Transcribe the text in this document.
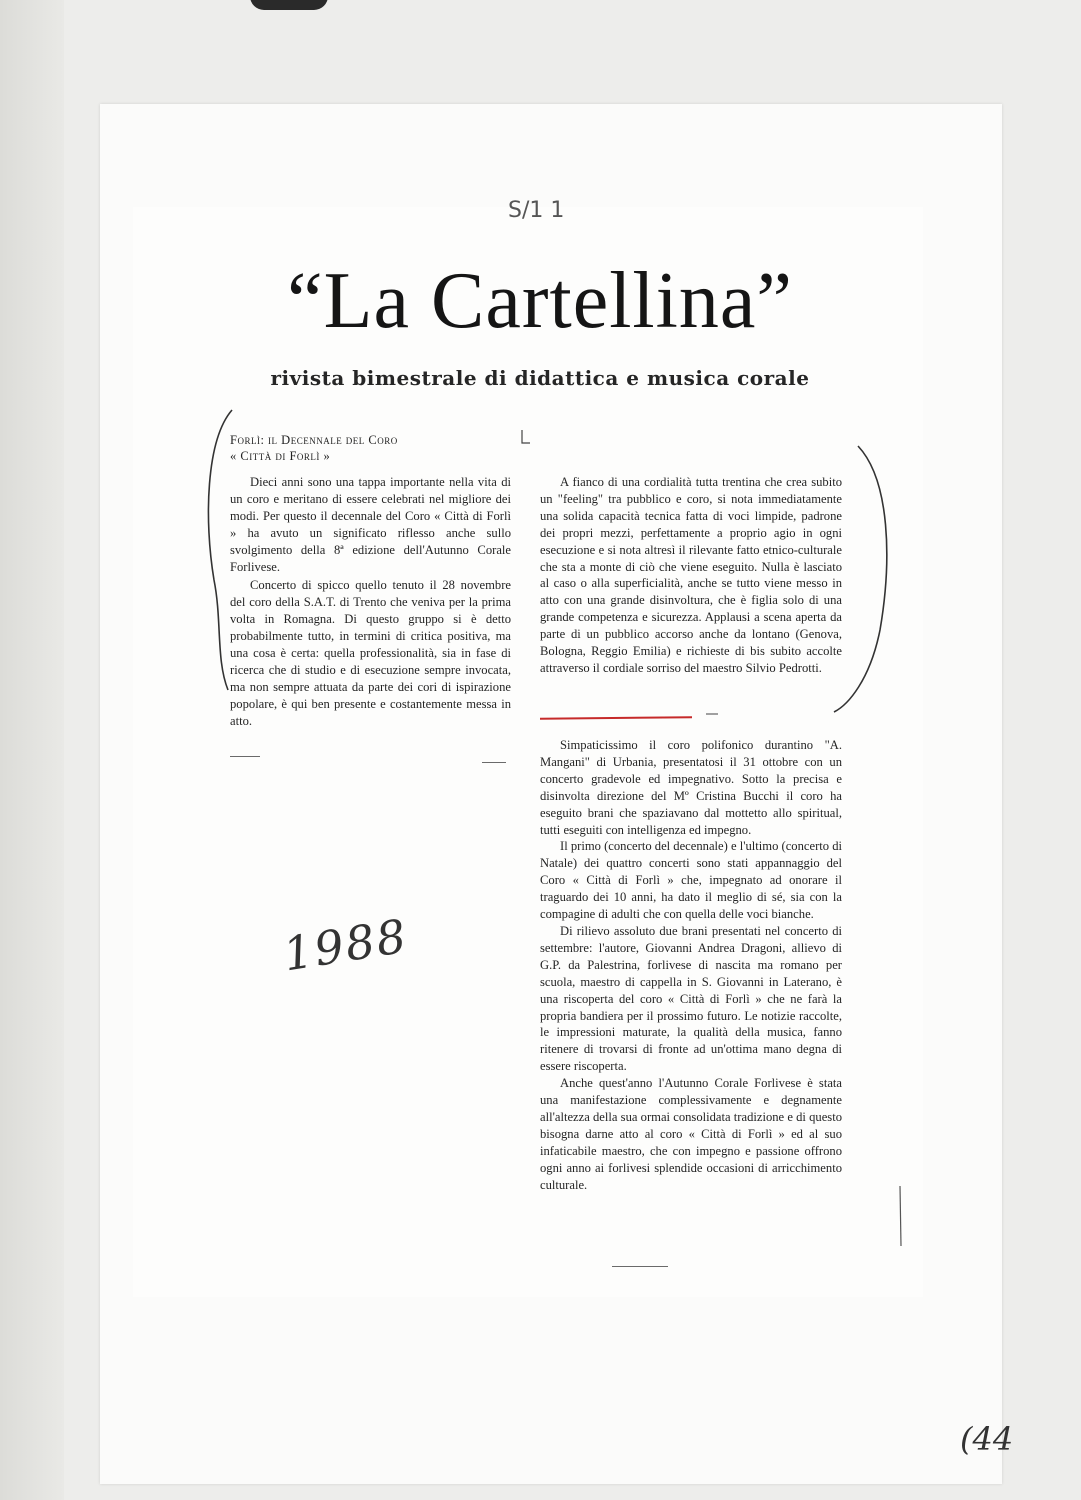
S/1 1
“La Cartellina”
rivista bimestrale di didattica e musica corale
Forlì: il Decennale del Coro
« Città di Forlì »

Dieci anni sono una tappa importante nella vita di un coro e meritano di essere celebrati nel migliore dei modi. Per questo il decennale del Coro « Città di Forlì » ha avuto un significato riflesso anche sullo svolgimento della 8ª edizione dell'Autunno Corale Forlivese.

Concerto di spicco quello tenuto il 28 novembre del coro della S.A.T. di Trento che veniva per la prima volta in Romagna. Di questo gruppo si è detto probabilmente tutto, in termini di critica positiva, ma una cosa è certa: quella professionalità, sia in fase di ricerca che di studio e di esecuzione sempre invocata, ma non sempre attuata da parte dei cori di ispirazione popolare, è qui ben presente e costantemente messa in atto.

A fianco di una cordialità tutta trentina che crea subito un "feeling" tra pubblico e coro, si nota immediatamente una solida capacità tecnica fatta di voci limpide, padrone dei propri mezzi, perfettamente a proprio agio in ogni esecuzione e si nota altresì il rilevante fatto etnico-culturale che sta a monte di ciò che viene eseguito. Nulla è lasciato al caso o alla superficialità, anche se tutto viene messo in atto con una grande disinvoltura, che è figlia solo di una grande competenza e sicurezza. Applausi a scena aperta da parte di un pubblico accorso anche da lontano (Genova, Bologna, Reggio Emilia) e richieste di bis subito accolte attraverso il cordiale sorriso del maestro Silvio Pedrotti.

Simpaticissimo il coro polifonico durantino "A. Mangani" di Urbania, presentatosi il 31 ottobre con un concerto gradevole ed impegnativo. Sotto la precisa e disinvolta direzione del Mº Cristina Bucchi il coro ha eseguito brani che spaziavano dal mottetto allo spiritual, tutti eseguiti con intelligenza ed impegno.

Il primo (concerto del decennale) e l'ultimo (concerto di Natale) dei quattro concerti sono stati appannaggio del Coro « Città di Forlì » che, impegnato ad onorare il traguardo dei 10 anni, ha dato il meglio di sé, sia con la compagine di adulti che con quella delle voci bianche.

Di rilievo assoluto due brani presentati nel concerto di settembre: l'autore, Giovanni Andrea Dragoni, allievo di G.P. da Palestrina, forlivese di nascita ma romano per scuola, maestro di cappella in S. Giovanni in Laterano, è una riscoperta del coro « Città di Forlì » che ne farà la propria bandiera per il prossimo futuro. Le notizie raccolte, le impressioni maturate, la qualità della musica, fanno ritenere di trovarsi di fronte ad un'ottima mano degna di essere riscoperta.

Anche quest'anno l'Autunno Corale Forlivese è stata una manifestazione complessivamente e degnamente all'altezza della sua ormai consolidata tradizione e di questo bisogna darne atto al coro « Città di Forlì » ed al suo infaticabile maestro, che con impegno e passione offrono ogni anno ai forlivesi splendide occasioni di arricchimento culturale.

1988
(44
